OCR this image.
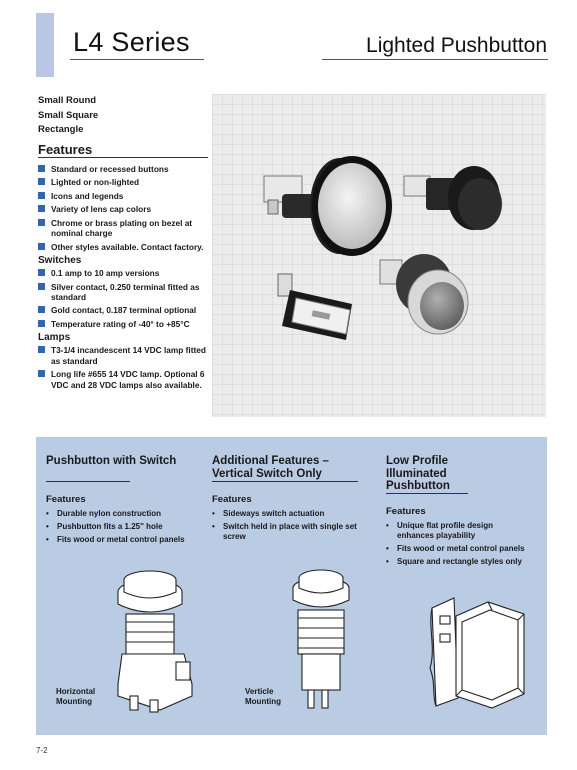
L4 Series	Lighted Pushbutton
Small Round
Small Square
Rectangle
Features
Standard or recessed buttons
Lighted or non-lighted
Icons and legends
Variety of lens cap colors
Chrome or brass plating on bezel at nominal charge
Other styles available. Contact factory.
Switches
0.1 amp to 10 amp versions
Silver contact, 0.250 terminal fitted as standard
Gold contact, 0.187 terminal optional
Temperature rating of -40° to +85°C
Lamps
T3-1/4 incandescent 14 VDC lamp fitted as standard
Long life #655 14 VDC lamp. Optional 6 VDC and 28 VDC lamps also available.
Pushbutton with Switch
Features
• Durable nylon construction
• Pushbutton fits a 1.25" hole
• Fits wood or metal control panels
Horizontal Mounting
Additional Features – Vertical Switch Only
Features
• Sideways switch actuation
• Switch held in place with single set screw
Verticle Mounting
Low Profile Illuminated Pushbutton
Features
• Unique flat profile design enhances playability
• Fits wood or metal control panels
• Square and rectangle styles only
7-2
